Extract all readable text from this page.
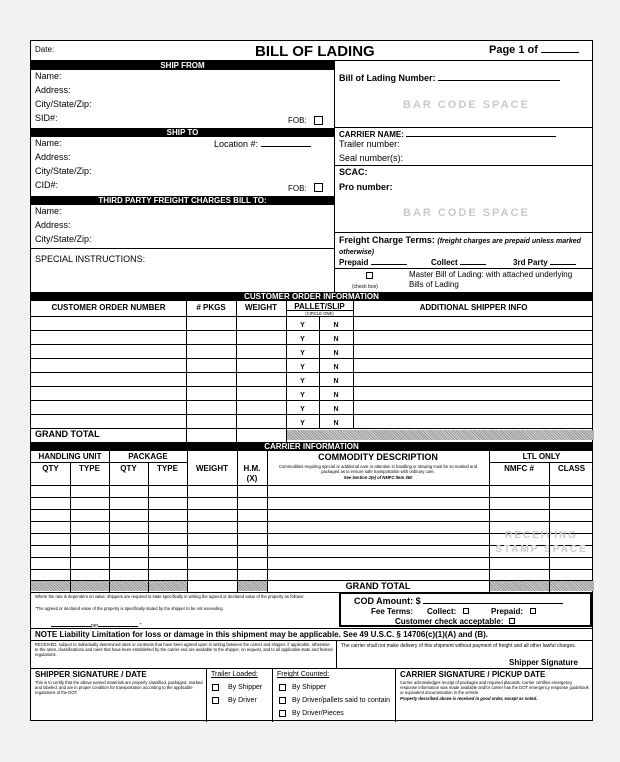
Date:	BILL OF LADING	Page 1 of
SHIP FROM
Name:
Address:
City/State/Zip:
SID#:	FOB:
SHIP TO
Name:	Location #:
Address:
City/State/Zip:
CID#:	FOB:
THIRD PARTY FREIGHT CHARGES BILL TO:
Name:
Address:
City/State/Zip:
SPECIAL INSTRUCTIONS:
Bill of Lading Number:
BAR CODE SPACE
CARRIER NAME:
Trailer number:
Seal number(s):
SCAC:
Pro number:
BAR CODE SPACE
Freight Charge Terms: (freight charges are prepaid unless marked otherwise)
Prepaid	Collect	3rd Party
(check box)
Master Bill of Lading: with attached underlying Bills of Lading
CUSTOMER ORDER INFORMATION
CUSTOMER ORDER NUMBER	# PKGS	WEIGHT	PALLET/SLIP
(CIRCLE ONE)
ADDITIONAL SHIPPER INFO
Y	N
Y	N
Y	N
Y	N
Y	N
Y	N
Y	N
Y	N
GRAND TOTAL
CARRIER INFORMATION
HANDLING UNIT	PACKAGE
QTY	TYPE	QTY	TYPE	WEIGHT	H.M.
(X)
COMMODITY DESCRIPTION
Commodities requiring special or additional care or attention in handling or stowing must be so marked and packaged as to ensure safe transportation with ordinary care.
See Section 2(e) of NMFC Item 360
LTL ONLY
NMFC #	CLASS
GRAND TOTAL
RECEIVING
STAMP SPACE
Where the rate is dependent on value, shippers are required to state specifically in writing the agreed or declared value of the property as follows:
"The agreed or declared value of the property is specifically stated by the shipper to be not exceeding
per	."
COD Amount: $
Fee Terms: Collect:	Prepaid:
Customer check acceptable:
NOTE Liability Limitation for loss or damage in this shipment may be applicable. See 49 U.S.C. § 14706(c)(1)(A) and (B).
RECEIVED, subject to individually determined rates or contracts that have been agreed upon in writing between the carrier and shipper, if applicable, otherwise to the rates, classifications and rules that have been established by the carrier and are available to the shipper, on request, and to all applicable state and federal regulations.
The carrier shall not make delivery of this shipment without payment of freight and all other lawful charges.
Shipper Signature
SHIPPER SIGNATURE / DATE
This is to certify that the above named materials are properly classified, packaged, marked and labeled, and are in proper condition for transportation according to the applicable regulations of the DOT.
Trailer Loaded:
By Shipper
By Driver
Freight Counted:
By Shipper
By Driver/pallets said to contain
By Driver/Pieces
CARRIER SIGNATURE / PICKUP DATE
Carrier acknowledges receipt of packages and required placards. Carrier certifies emergency response information was made available and/or carrier has the DOT emergency response guidebook or equivalent documentation in the vehicle.
Property described above is received in good order, except as noted.
